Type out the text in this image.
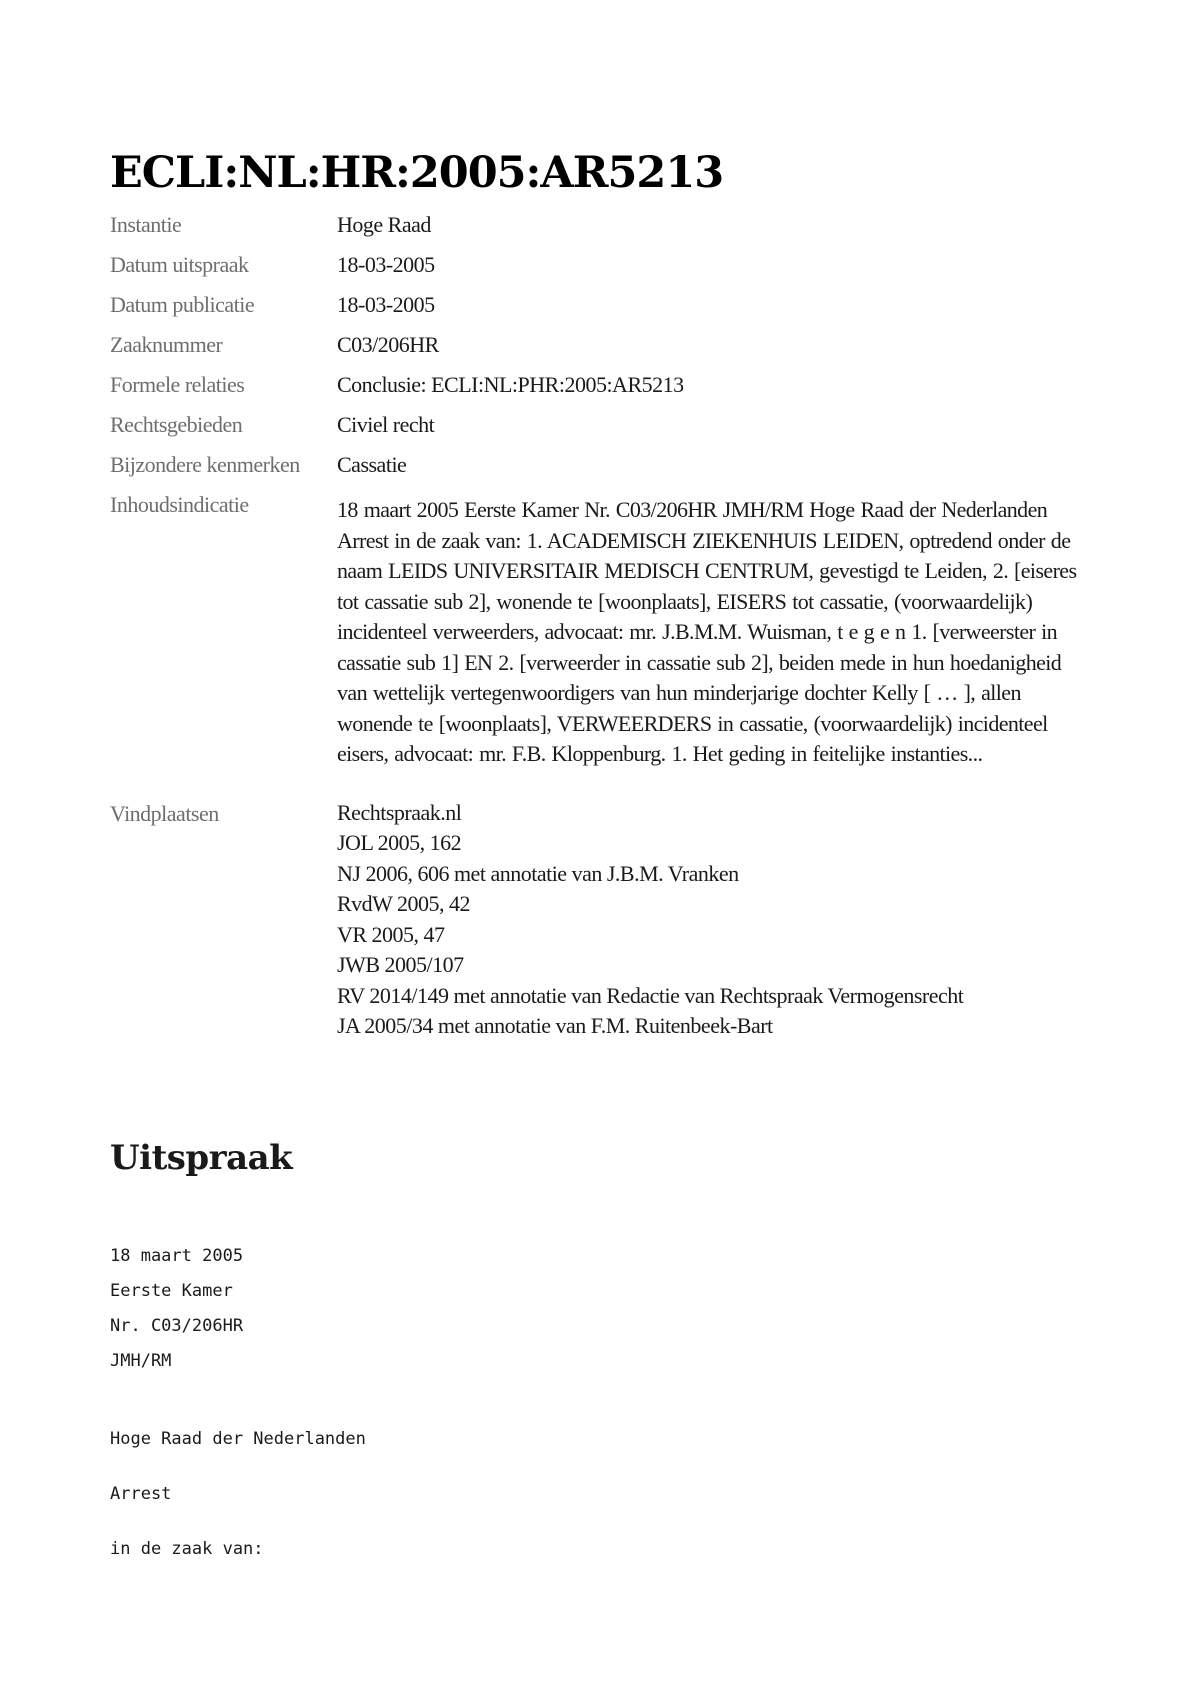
ECLI:NL:HR:2005:AR5213
Instantie	Hoge Raad
Datum uitspraak	18-03-2005
Datum publicatie	18-03-2005
Zaaknummer	C03/206HR
Formele relaties	Conclusie: ECLI:NL:PHR:2005:AR5213
Rechtsgebieden	Civiel recht
Bijzondere kenmerken	Cassatie
Inhoudsindicatie	18 maart 2005 Eerste Kamer Nr. C03/206HR JMH/RM Hoge Raad der Nederlanden Arrest in de zaak van: 1. ACADEMISCH ZIEKENHUIS LEIDEN, optredend onder de naam LEIDS UNIVERSITAIR MEDISCH CENTRUM, gevestigd te Leiden, 2. [eiseres tot cassatie sub 2], wonende te [woonplaats], EISERS tot cassatie, (voorwaardelijk) incidenteel verweerders, advocaat: mr. J.B.M.M. Wuisman, t e g e n 1. [verweerster in cassatie sub 1] EN 2. [verweerder in cassatie sub 2], beiden mede in hun hoedanigheid van wettelijk vertegenwoordigers van hun minderjarige dochter Kelly [ … ], allen wonende te [woonplaats], VERWEERDERS in cassatie, (voorwaardelijk) incidenteel eisers, advocaat: mr. F.B. Kloppenburg. 1. Het geding in feitelijke instanties...
Vindplaatsen	Rechtspraak.nl
JOL 2005, 162
NJ 2006, 606 met annotatie van J.B.M. Vranken
RvdW 2005, 42
VR 2005, 47
JWB 2005/107
RV 2014/149 met annotatie van Redactie van Rechtspraak Vermogensrecht
JA 2005/34 met annotatie van F.M. Ruitenbeek-Bart
Uitspraak

18 maart 2005

Eerste Kamer

Nr. C03/206HR

JMH/RM

Hoge Raad der Nederlanden

Arrest

in de zaak van:
